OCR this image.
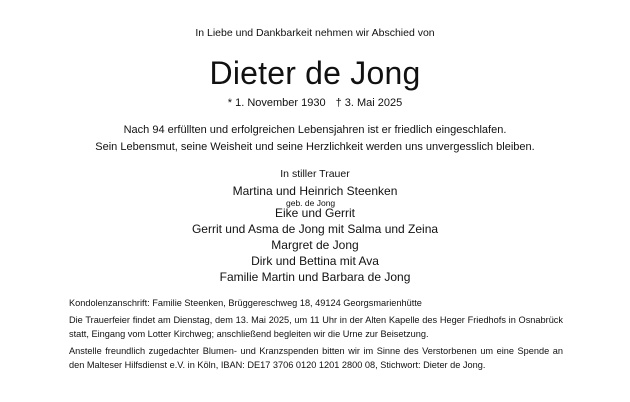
In Liebe und Dankbarkeit nehmen wir Abschied von
Dieter de Jong
* 1. November 1930 † 3. Mai 2025
Nach 94 erfüllten und erfolgreichen Lebensjahren ist er friedlich eingeschlafen.
Sein Lebensmut, seine Weisheit und seine Herzlichkeit werden uns unvergesslich bleiben.
In stiller Trauer
Martina und Heinrich Steenken
geb. de Jong
Eike und Gerrit
Gerrit und Asma de Jong mit Salma und Zeina
Margret de Jong
Dirk und Bettina mit Ava
Familie Martin und Barbara de Jong
Kondolenzanschrift: Familie Steenken, Brüggereschweg 18, 49124 Georgsmarienhütte
Die Trauerfeier findet am Dienstag, dem 13. Mai 2025, um 11 Uhr in der Alten Kapelle des Heger Friedhofs in Osnabrück statt, Eingang vom Lotter Kirchweg; anschließend begleiten wir die Urne zur Beisetzung.
Anstelle freundlich zugedachter Blumen- und Kranzspenden bitten wir im Sinne des Verstorbenen um eine Spende an den Malteser Hilfsdienst e.V. in Köln, IBAN: DE17 3706 0120 1201 2800 08, Stichwort: Dieter de Jong.
